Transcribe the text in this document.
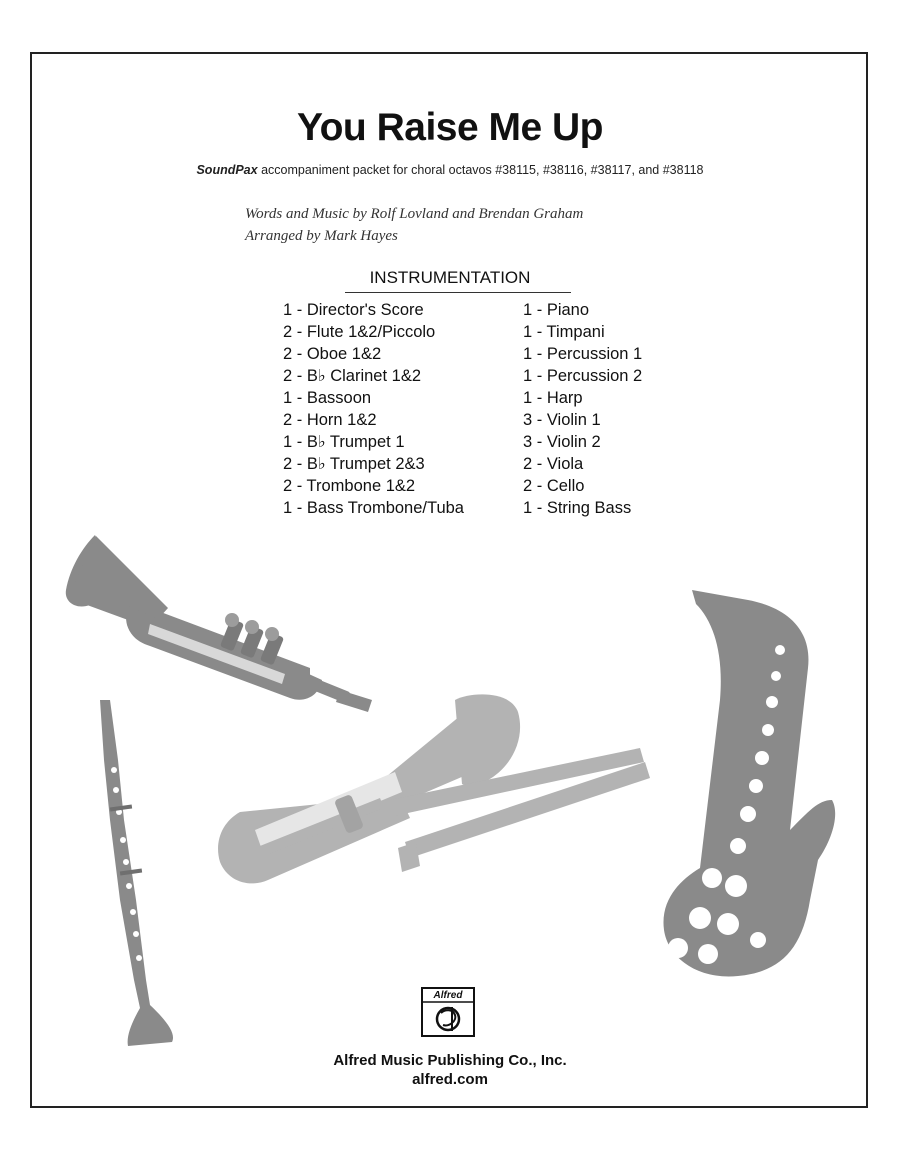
You Raise Me Up
SoundPax accompaniment packet for choral octavos #38115, #38116, #38117, and #38118
Words and Music by Rolf Lovland and Brendan Graham
Arranged by Mark Hayes
INSTRUMENTATION
1 - Director's Score
2 - Flute 1&2/Piccolo
2 - Oboe 1&2
2 - B♭ Clarinet 1&2
1 - Bassoon
2 - Horn 1&2
1 - B♭ Trumpet 1
2 - B♭ Trumpet 2&3
2 - Trombone 1&2
1 - Bass Trombone/Tuba
1 - Piano
1 - Timpani
1 - Percussion 1
1 - Percussion 2
1 - Harp
3 - Violin 1
3 - Violin 2
2 - Viola
2 - Cello
1 - String Bass
Alfred
Alfred Music Publishing Co., Inc.
alfred.com
